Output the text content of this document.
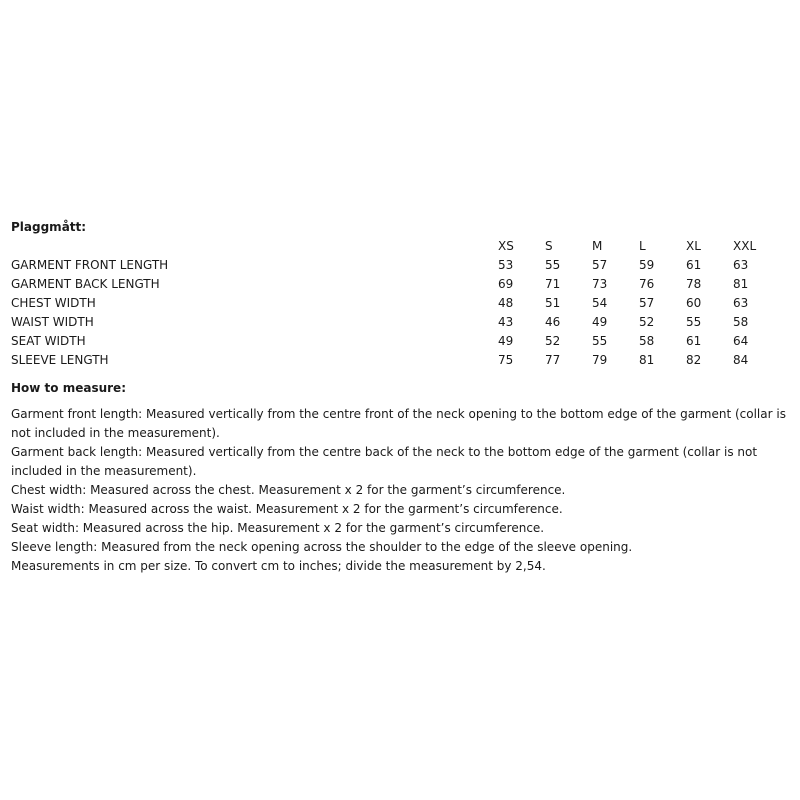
Plaggmått:
	XS	S	M	L	XL	XXL
GARMENT FRONT LENGTH	53	55	57	59	61	63
GARMENT BACK LENGTH	69	71	73	76	78	81
CHEST WIDTH	48	51	54	57	60	63
WAIST WIDTH	43	46	49	52	55	58
SEAT WIDTH	49	52	55	58	61	64
SLEEVE LENGTH	75	77	79	81	82	84
How to measure:

Garment front length: Measured vertically from the centre front of the neck opening to the bottom edge of the garment (collar is not included in the measurement).

Garment back length: Measured vertically from the centre back of the neck to the bottom edge of the garment (collar is not included in the measurement).

Chest width: Measured across the chest. Measurement x 2 for the garment’s circumference.

Waist width: Measured across the waist. Measurement x 2 for the garment’s circumference.

Seat width: Measured across the hip. Measurement x 2 for the garment’s circumference.

Sleeve length: Measured from the neck opening across the shoulder to the edge of the sleeve opening.

Measurements in cm per size. To convert cm to inches; divide the measurement by 2,54.
